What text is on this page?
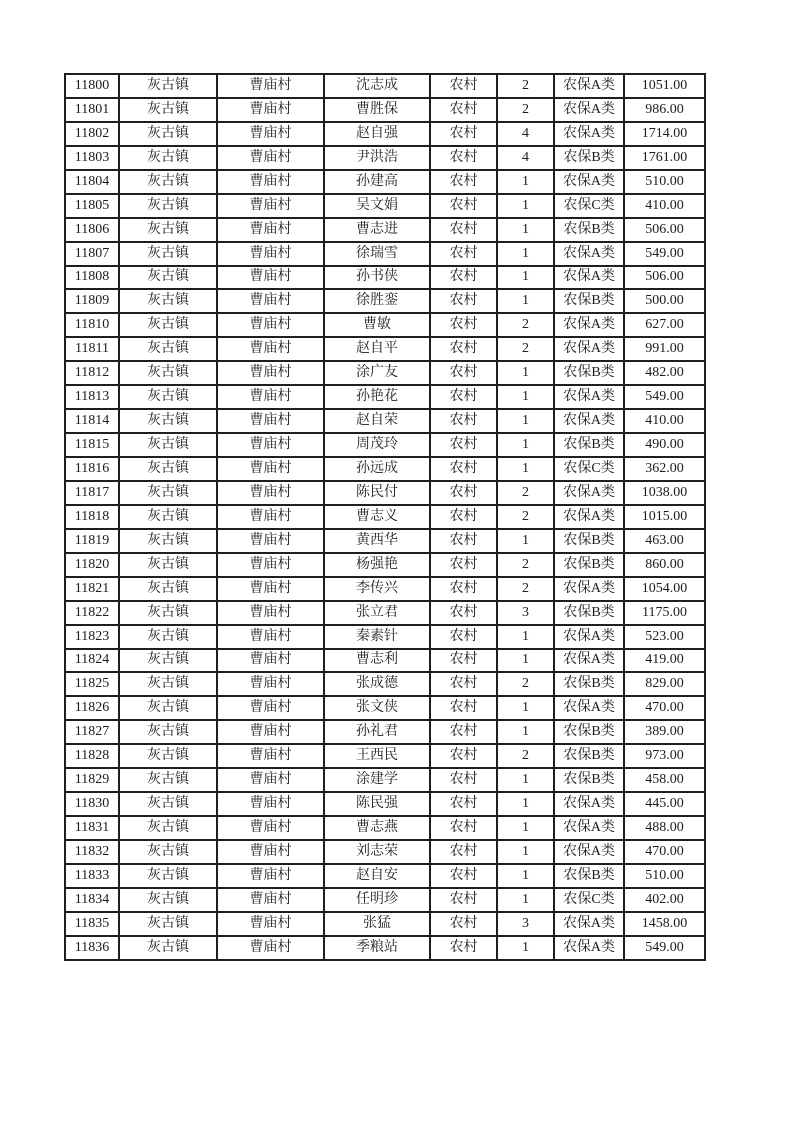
11800	灰古镇	曹庙村	沈志成	农村	2	农保A类	1051.00
11801	灰古镇	曹庙村	曹胜保	农村	2	农保A类	986.00
11802	灰古镇	曹庙村	赵自强	农村	4	农保A类	1714.00
11803	灰古镇	曹庙村	尹洪浩	农村	4	农保B类	1761.00
11804	灰古镇	曹庙村	孙建高	农村	1	农保A类	510.00
11805	灰古镇	曹庙村	吴文娟	农村	1	农保C类	410.00
11806	灰古镇	曹庙村	曹志进	农村	1	农保B类	506.00
11807	灰古镇	曹庙村	徐瑞雪	农村	1	农保A类	549.00
11808	灰古镇	曹庙村	孙书侠	农村	1	农保A类	506.00
11809	灰古镇	曹庙村	徐胜銮	农村	1	农保B类	500.00
11810	灰古镇	曹庙村	曹敏	农村	2	农保A类	627.00
11811	灰古镇	曹庙村	赵自平	农村	2	农保A类	991.00
11812	灰古镇	曹庙村	涂广友	农村	1	农保B类	482.00
11813	灰古镇	曹庙村	孙艳花	农村	1	农保A类	549.00
11814	灰古镇	曹庙村	赵自荣	农村	1	农保A类	410.00
11815	灰古镇	曹庙村	周茂玲	农村	1	农保B类	490.00
11816	灰古镇	曹庙村	孙远成	农村	1	农保C类	362.00
11817	灰古镇	曹庙村	陈民付	农村	2	农保A类	1038.00
11818	灰古镇	曹庙村	曹志义	农村	2	农保A类	1015.00
11819	灰古镇	曹庙村	黄西华	农村	1	农保B类	463.00
11820	灰古镇	曹庙村	杨强艳	农村	2	农保B类	860.00
11821	灰古镇	曹庙村	李传兴	农村	2	农保A类	1054.00
11822	灰古镇	曹庙村	张立君	农村	3	农保B类	1175.00
11823	灰古镇	曹庙村	秦素针	农村	1	农保A类	523.00
11824	灰古镇	曹庙村	曹志利	农村	1	农保A类	419.00
11825	灰古镇	曹庙村	张成德	农村	2	农保B类	829.00
11826	灰古镇	曹庙村	张文侠	农村	1	农保A类	470.00
11827	灰古镇	曹庙村	孙礼君	农村	1	农保B类	389.00
11828	灰古镇	曹庙村	王西民	农村	2	农保B类	973.00
11829	灰古镇	曹庙村	涂建学	农村	1	农保B类	458.00
11830	灰古镇	曹庙村	陈民强	农村	1	农保A类	445.00
11831	灰古镇	曹庙村	曹志燕	农村	1	农保A类	488.00
11832	灰古镇	曹庙村	刘志荣	农村	1	农保A类	470.00
11833	灰古镇	曹庙村	赵自安	农村	1	农保B类	510.00
11834	灰古镇	曹庙村	任明珍	农村	1	农保C类	402.00
11835	灰古镇	曹庙村	张猛	农村	3	农保A类	1458.00
11836	灰古镇	曹庙村	季粮站	农村	1	农保A类	549.00
